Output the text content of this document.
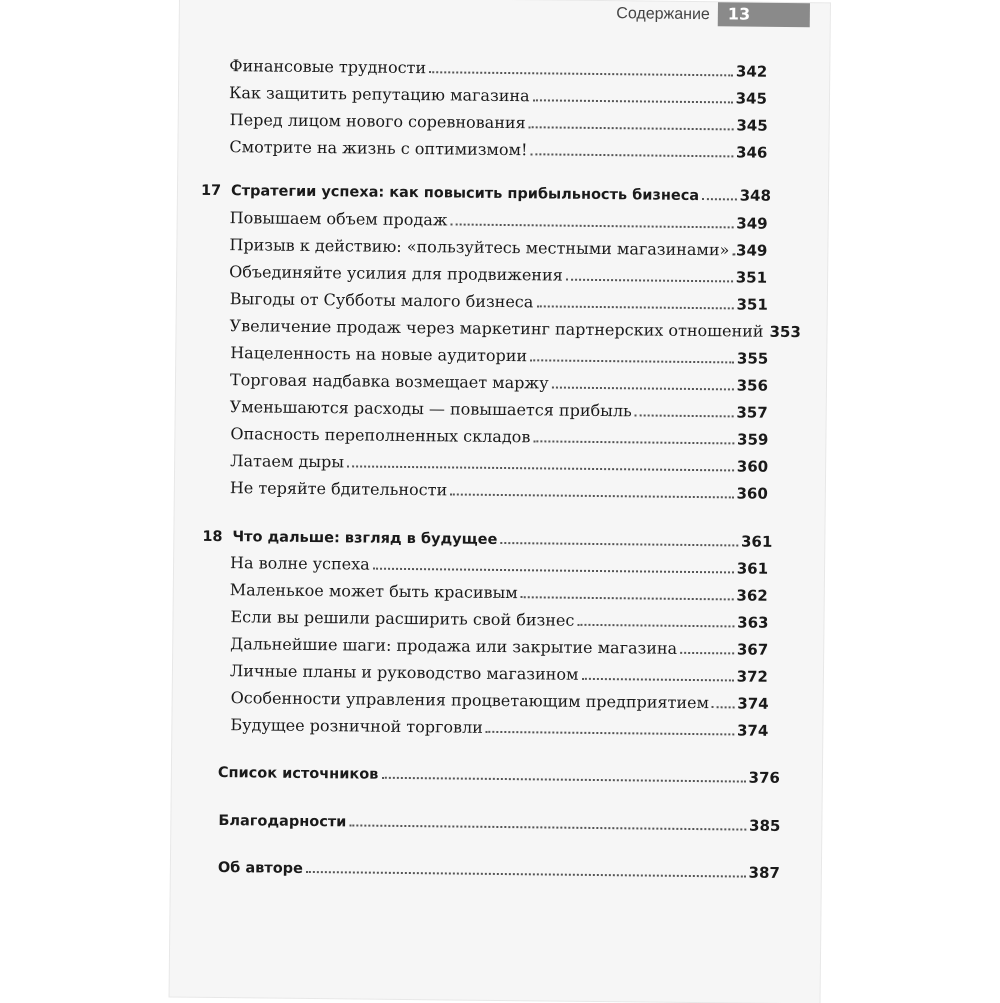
Содержание	13
Финансовые трудности	342
Как защитить репутацию магазина	345
Перед лицом нового соревнования	345
Смотрите на жизнь с оптимизмом!	346
17 Стратегии успеха: как повысить прибыльность бизнеса	348
Повышаем объем продаж	349
Призыв к действию: «пользуйтесь местными магазинами» 349
Объединяйте усилия для продвижения	351
Выгоды от Субботы малого бизнеса	351
Увеличение продаж через маркетинг партнерских отношений 353
Нацеленность на новые аудитории	355
Торговая надбавка возмещает маржу	356
Уменьшаются расходы — повышается прибыль	357
Опасность переполненных складов	359
Латаем дыры	360
Не теряйте бдительности	360
18 Что дальше: взгляд в будущее	361
На волне успеха	361
Маленькое может быть красивым	362
Если вы решили расширить свой бизнес	363
Дальнейшие шаги: продажа или закрытие магазина	367
Личные планы и руководство магазином	372
Особенности управления процветающим предприятием 374
Будущее розничной торговли	374
Список источников	376
Благодарности	385
Об авторе	387
